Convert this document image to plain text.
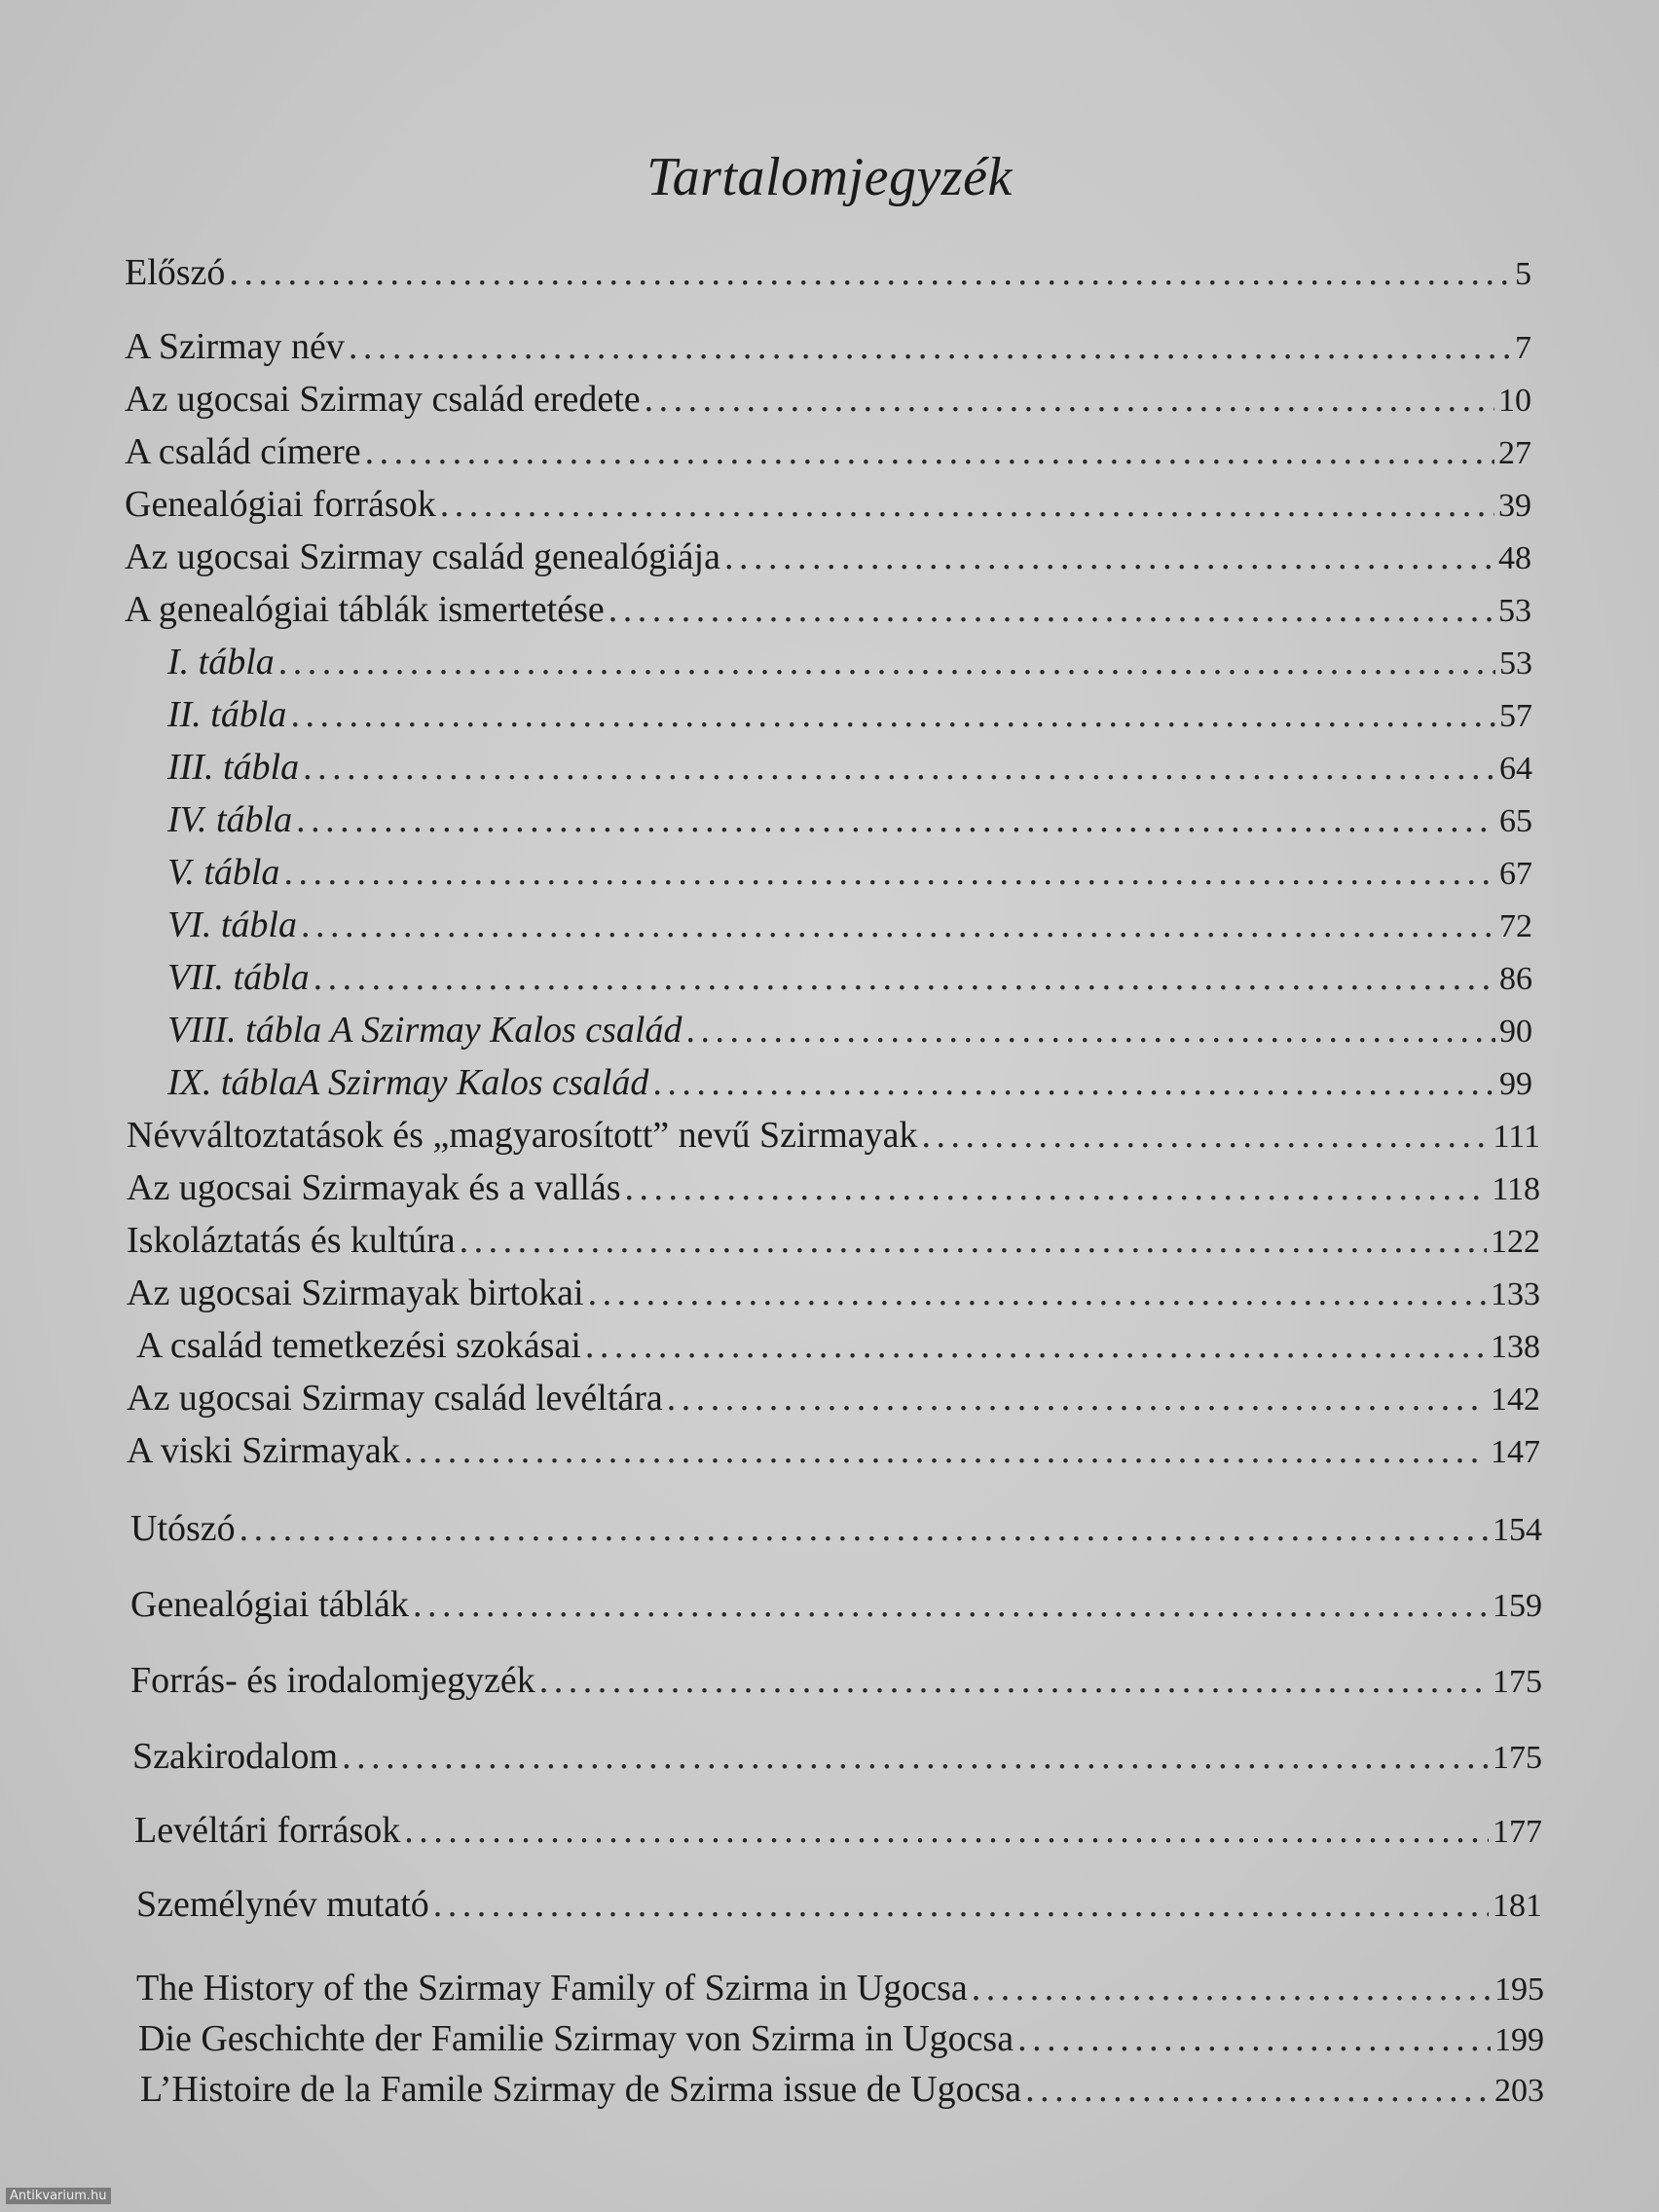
Tartalomjegyzék
Előszó . . .	5
A Szirmay név . . .	7
Az ugocsai Szirmay család eredete . . .	10
A család címere . . .	27
Genealógiai források . . .	39
Az ugocsai Szirmay család genealógiája . . .	48
A genealógiai táblák ismertetése . . .	53
I. tábla . . .	53
II. tábla . . .	57
III. tábla . . .	64
IV. tábla . . .	65
V. tábla . . .	67
VI. tábla . . .	72
VII. tábla . . .	86
VIII. tábla A Szirmay Kalos család . . .	90
IX. táblaA Szirmay Kalos család . . .	99
Névváltoztatások és „magyarosított” nevű Szirmayak . . .	111
Az ugocsai Szirmayak és a vallás . . .	118
Iskoláztatás és kultúra . . .	122
Az ugocsai Szirmayak birtokai . . .	133
A család temetkezési szokásai . . .	138
Az ugocsai Szirmay család levéltára . . .	142
A viski Szirmayak . . .	147
Utószó . . .	154
Genealógiai táblák . . .	159
Forrás- és irodalomjegyzék . . .	175
Szakirodalom . . .	175
Levéltári források . . .	177
Személynév mutató . . .	181
The History of the Szirmay Family of Szirma in Ugocsa . . .	195
Die Geschichte der Familie Szirmay von Szirma in Ugocsa . . .	199
L’Histoire de la Famile Szirmay de Szirma issue de Ugocsa . . .	203
Antikvarium.hu
